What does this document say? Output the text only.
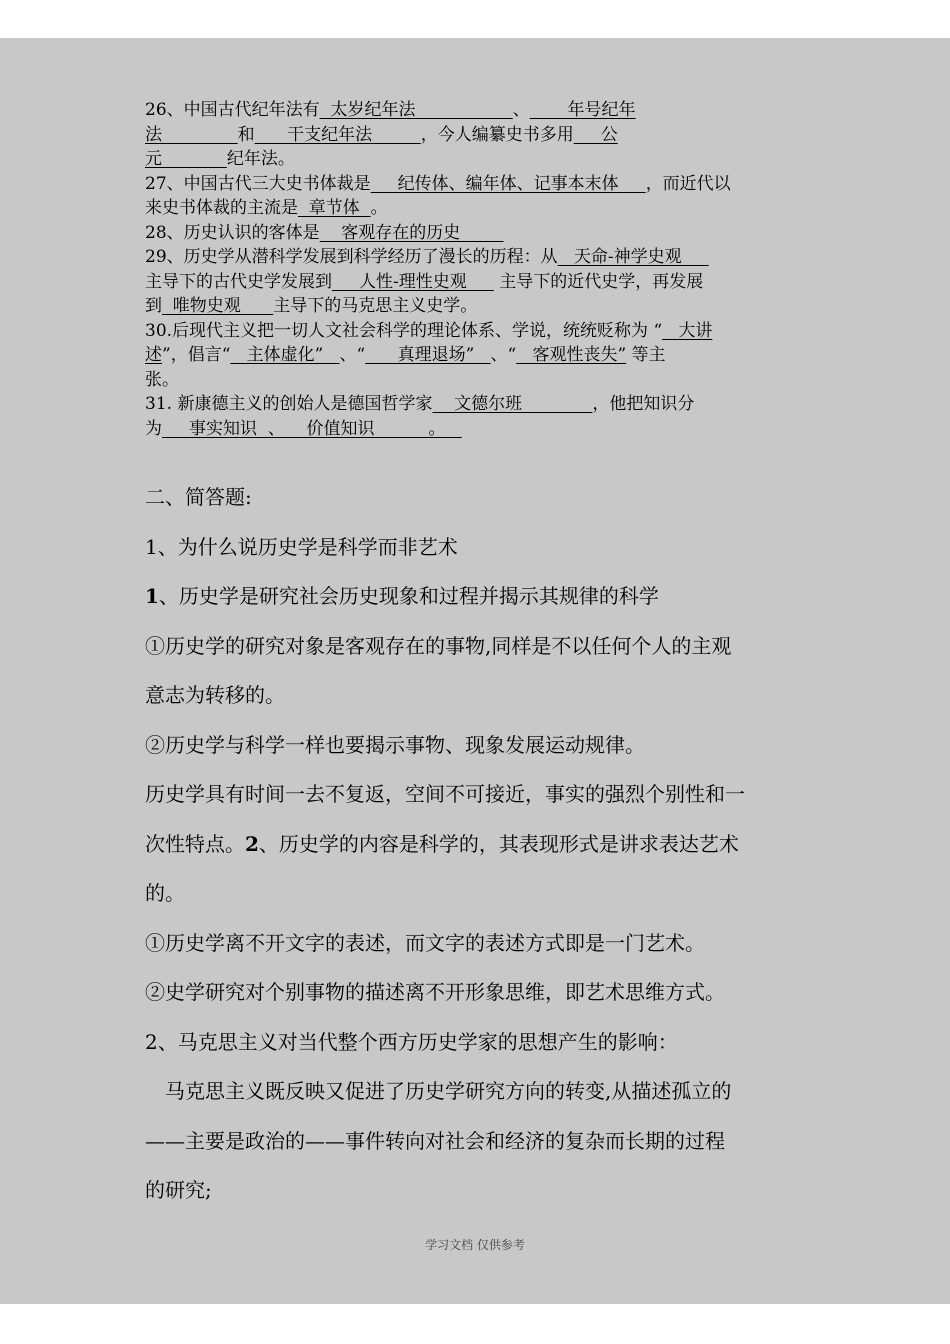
26、中国古代纪年法有  太岁纪年法                  、       年号纪年

法              和      干支纪年法         ，今人编纂史书多用     公

元            纪年法。

27、中国古代三大史书体裁是     纪传体、编年体、记事本末体     ，而近代以

来史书体裁的主流是  章节体  。

28、历史认识的客体是    客观存在的历史

29、历史学从潜科学发展到科学经历了漫长的历程：从   天命-神学史观

主导下的古代史学发展到     人性-理性史观      主导下的近代史学，再发展

到  唯物史观      主导下的马克思主义史学。

30.后现代主义把一切人文社会科学的理论体系、学说，统统贬称为 “   大讲

述”，倡言“   主体虚化”   、“      真理退场”   、“   客观性丧失” 等主

张。

31. 新康德主义的创始人是德国哲学家    文德尔班             ，他把知识分

为     事实知识  、    价值知识          。

二、简答题:

1、为什么说历史学是科学而非艺术

1、历史学是研究社会历史现象和过程并揭示其规律的科学

①历史学的研究对象是客观存在的事物,同样是不以任何个人的主观

意志为转移的。

②历史学与科学一样也要揭示事物、现象发展运动规律。

历史学具有时间一去不复返，空间不可接近，事实的强烈个别性和一

次性特点。2、历史学的内容是科学的，其表现形式是讲求表达艺术

的。

①历史学离不开文字的表述，而文字的表述方式即是一门艺术。

②史学研究对个别事物的描述离不开形象思维，即艺术思维方式。

2、马克思主义对当代整个西方历史学家的思想产生的影响：

马克思主义既反映又促进了历史学研究方向的转变,从描述孤立的

——主要是政治的——事件转向对社会和经济的复杂而长期的过程

的研究;

学习文档 仅供参考
